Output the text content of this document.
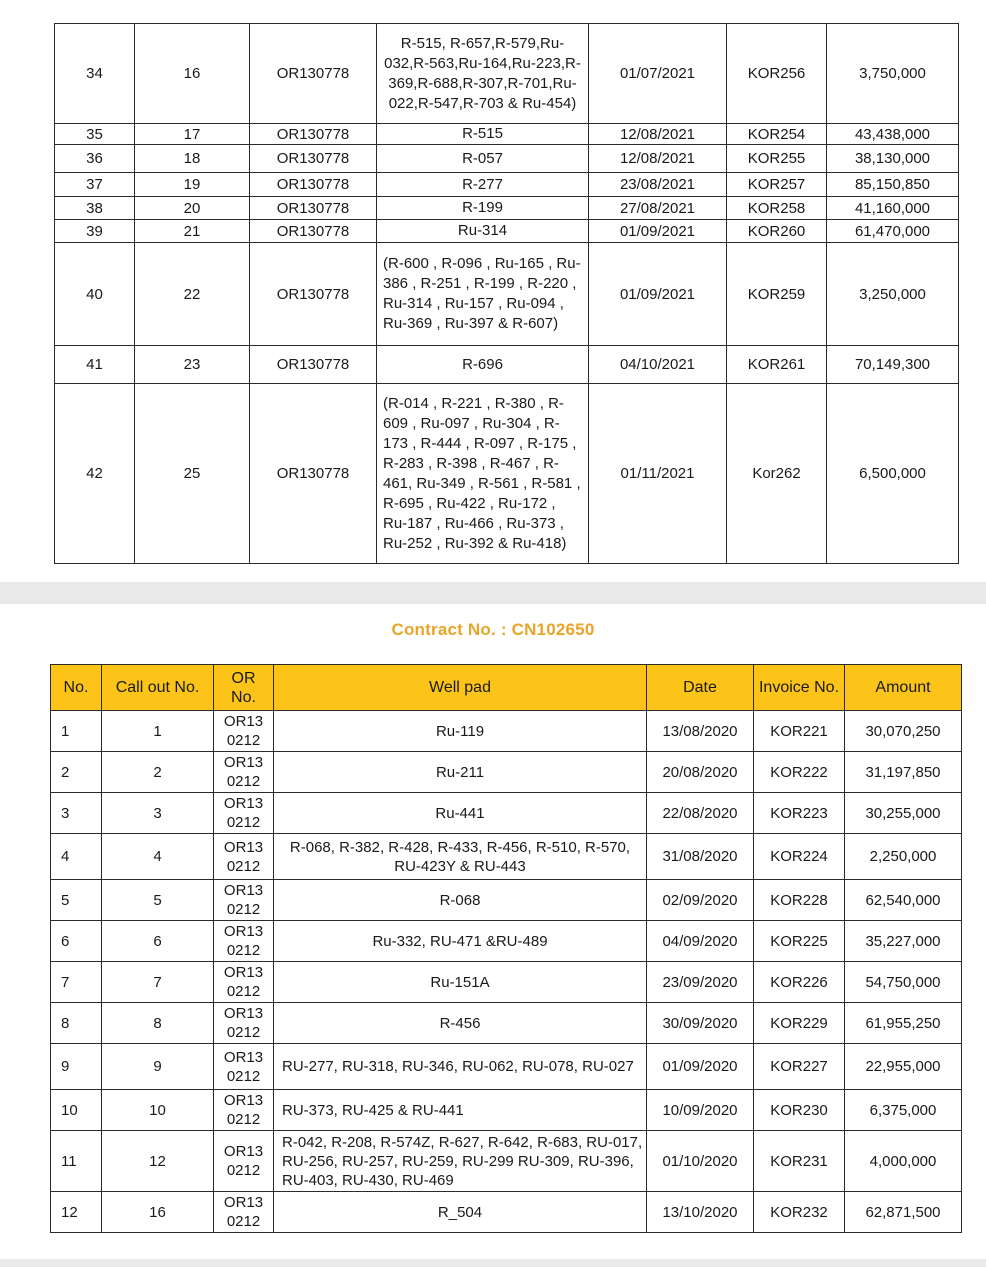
34	16	OR130778	R-515, R-657,R-579,Ru-032,R-563,Ru-164,Ru-223,R-369,R-688,R-307,R-701,Ru-022,R-547,R-703 & Ru-454)	01/07/2021	KOR256	3,750,000
35	17	OR130778	R-515	12/08/2021	KOR254	43,438,000
36	18	OR130778	R-057	12/08/2021	KOR255	38,130,000
37	19	OR130778	R-277	23/08/2021	KOR257	85,150,850
38	20	OR130778	R-199	27/08/2021	KOR258	41,160,000
39	21	OR130778	Ru-314	01/09/2021	KOR260	61,470,000
40	22	OR130778	(R-600 , R-096 , Ru-165 , Ru-386 , R-251 , R-199 , R-220 , Ru-314 , Ru-157 , Ru-094 , Ru-369 , Ru-397 & R-607)	01/09/2021	KOR259	3,250,000
41	23	OR130778	R-696	04/10/2021	KOR261	70,149,300
42	25	OR130778	(R-014 , R-221 , R-380 , R-609 , Ru-097 , Ru-304 , R-173 , R-444 , R-097 , R-175 , R-283 , R-398 , R-467 , R-461, Ru-349 , R-561 , R-581 , R-695 , Ru-422 , Ru-172 , Ru-187 , Ru-466 , Ru-373 , Ru-252 , Ru-392 & Ru-418)	01/11/2021	Kor262	6,500,000
Contract No. : CN102650
No.	Call out No.	OR No.	Well pad	Date	Invoice No.	Amount
1	1	OR13 0212	Ru-119	13/08/2020	KOR221	30,070,250
2	2	OR13 0212	Ru-211	20/08/2020	KOR222	31,197,850
3	3	OR13 0212	Ru-441	22/08/2020	KOR223	30,255,000
4	4	OR13 0212	R-068, R-382, R-428, R-433, R-456, R-510, R-570, RU-423Y & RU-443	31/08/2020	KOR224	2,250,000
5	5	OR13 0212	R-068	02/09/2020	KOR228	62,540,000
6	6	OR13 0212	Ru-332, RU-471 &RU-489	04/09/2020	KOR225	35,227,000
7	7	OR13 0212	Ru-151A	23/09/2020	KOR226	54,750,000
8	8	OR13 0212	R-456	30/09/2020	KOR229	61,955,250
9	9	OR13 0212	RU-277, RU-318, RU-346, RU-062, RU-078, RU-027	01/09/2020	KOR227	22,955,000
10	10	OR13 0212	RU-373, RU-425 & RU-441	10/09/2020	KOR230	6,375,000
11	12	OR13 0212	R-042, R-208, R-574Z, R-627, R-642, R-683, RU-017, RU-256, RU-257, RU-259, RU-299 RU-309, RU-396, RU-403, RU-430, RU-469	01/10/2020	KOR231	4,000,000
12	16	OR13 0212	R_504	13/10/2020	KOR232	62,871,500
